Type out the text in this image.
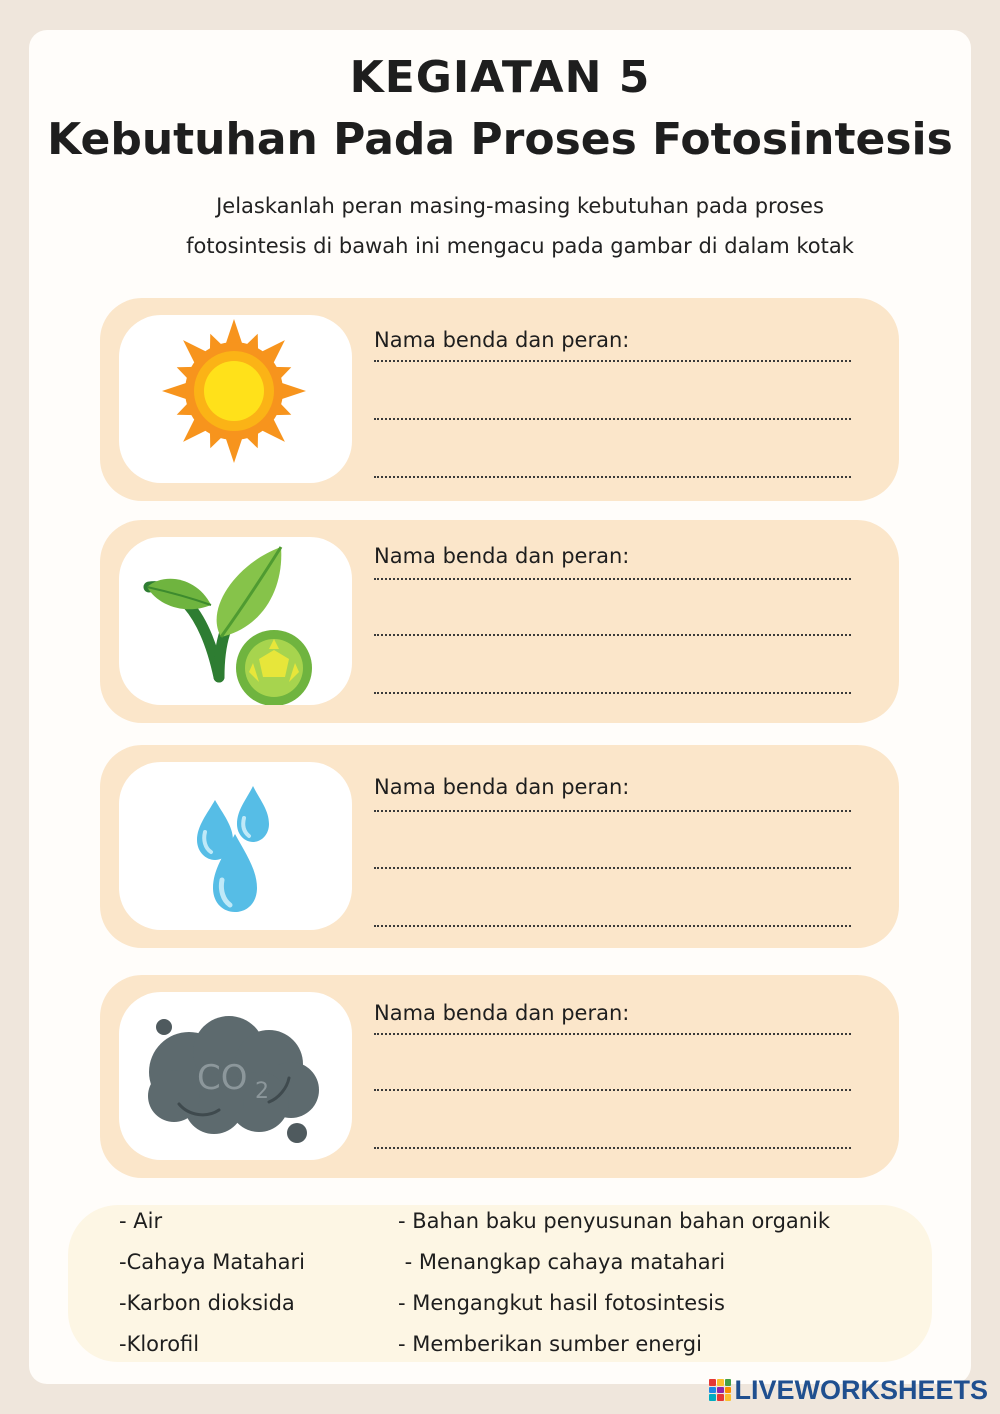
KEGIATAN 5
Kebutuhan Pada Proses Fotosintesis
Jelaskanlah peran masing-masing kebutuhan pada proses
fotosintesis di bawah ini mengacu pada gambar di dalam kotak
Nama benda dan peran:
Nama benda dan peran:
Nama benda dan peran:
CO 2
Nama benda dan peran:
- Air
-Cahaya Matahari
-Karbon dioksida
-Klorofil
- Bahan baku penyusunan bahan organik
- Menangkap cahaya matahari
- Mengangkut hasil fotosintesis
- Memberikan sumber energi
LIVEWORKSHEETS
